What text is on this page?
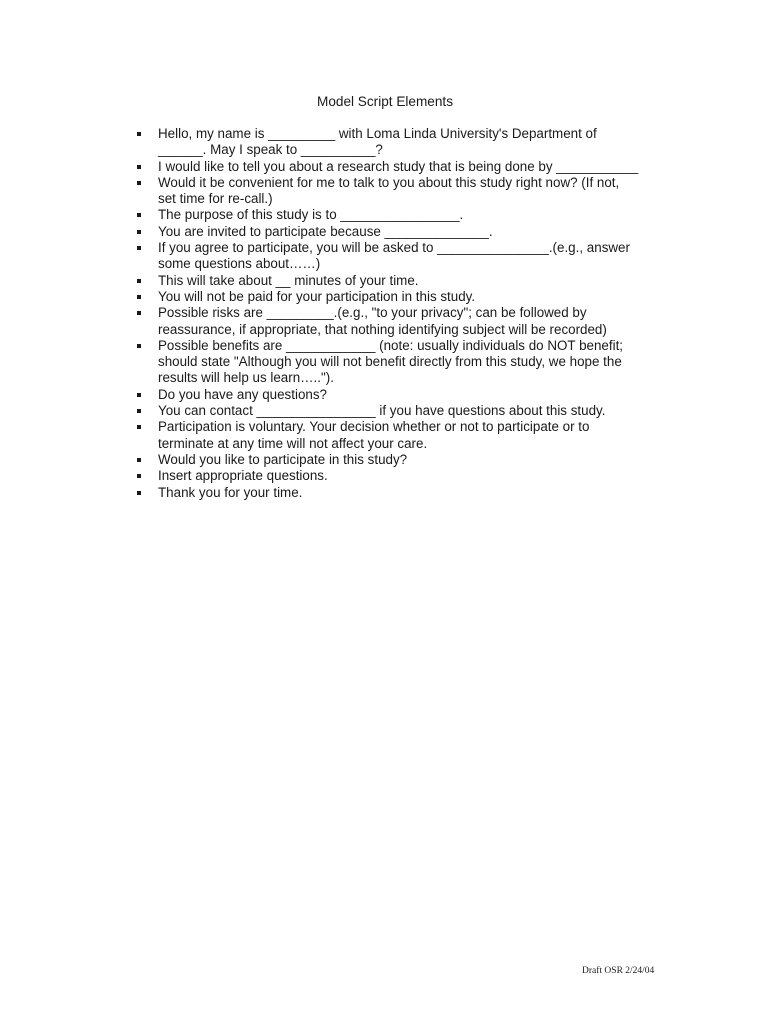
Model Script Elements
Hello, my name is _________ with Loma Linda University's Department of
______. May I speak to __________?
I would like to tell you about a research study that is being done by ___________
Would it be convenient for me to talk to you about this study right now? (If not,
set time for re-call.)
The purpose of this study is to ________________.
You are invited to participate because ______________.
If you agree to participate, you will be asked to _______________.(e.g., answer
some questions about……)
This will take about __ minutes of your time.
You will not be paid for your participation in this study.
Possible risks are _________.(e.g., "to your privacy"; can be followed by
reassurance, if appropriate, that nothing identifying subject will be recorded)
Possible benefits are ____________ (note: usually individuals do NOT benefit;
should state "Although you will not benefit directly from this study, we hope the
results will help us learn…..").
Do you have any questions?
You can contact ________________ if you have questions about this study.
Participation is voluntary. Your decision whether or not to participate or to
terminate at any time will not affect your care.
Would you like to participate in this study?
Insert appropriate questions.
Thank you for your time.

Draft OSR 2/24/04
